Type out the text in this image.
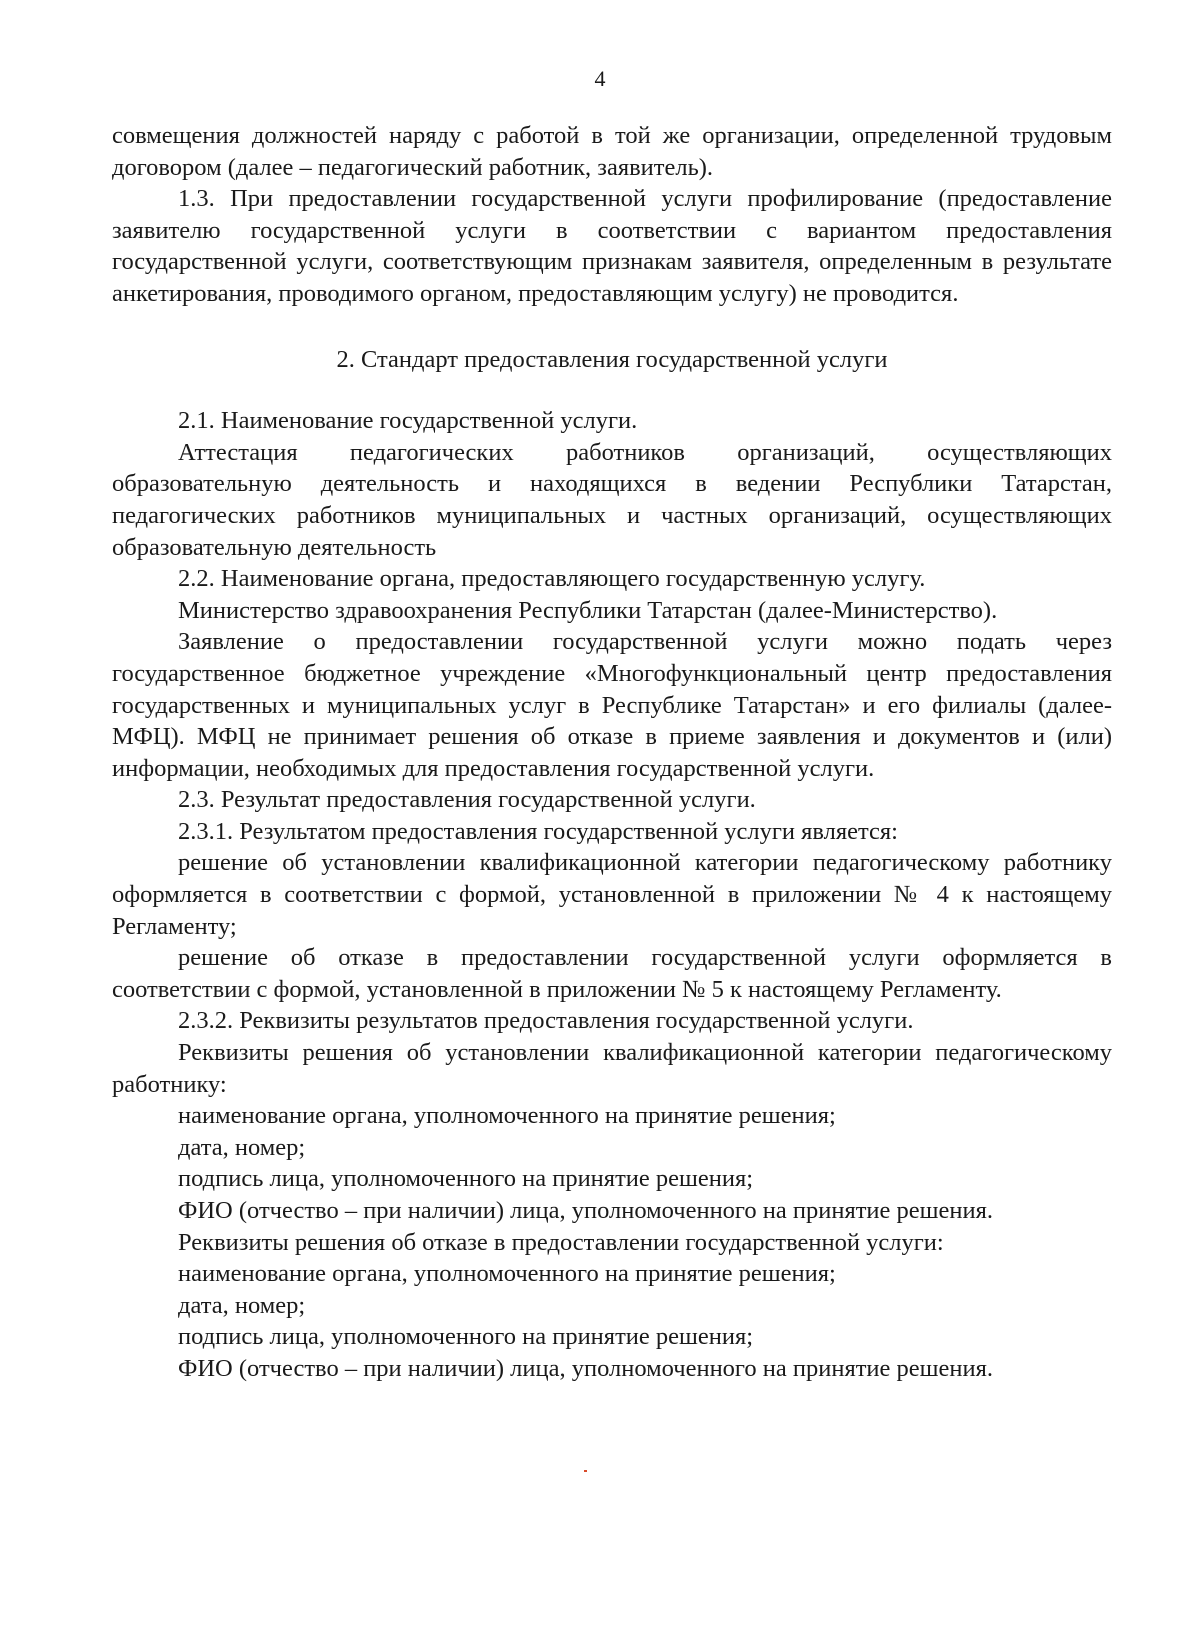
4

совмещения должностей наряду с работой в той же организации, определенной трудовым договором (далее – педагогический работник, заявитель).

1.3. При предоставлении государственной услуги профилирование (предоставление заявителю государственной услуги в соответствии с вариантом предоставления государственной услуги, соответствующим признакам заявителя, определенным в результате анкетирования, проводимого органом, предоставляющим услугу) не проводится.

2. Стандарт предоставления государственной услуги

2.1. Наименование государственной услуги.

Аттестация педагогических работников организаций, осуществляющих образовательную деятельность и находящихся в ведении Республики Татарстан, педагогических работников муниципальных и частных организаций, осуществляющих образовательную деятельность

2.2. Наименование органа, предоставляющего государственную услугу.

Министерство здравоохранения Республики Татарстан (далее-Министерство).

Заявление о предоставлении государственной услуги можно подать через государственное бюджетное учреждение «Многофункциональный центр предоставления государственных и муниципальных услуг в Республике Татарстан» и его филиалы (далее-МФЦ). МФЦ не принимает решения об отказе в приеме заявления и документов и (или) информации, необходимых для предоставления государственной услуги.

2.3. Результат предоставления государственной услуги.

2.3.1. Результатом предоставления государственной услуги является:

решение об установлении квалификационной категории педагогическому работнику оформляется в соответствии с формой, установленной в приложении № 4 к настоящему Регламенту;

решение об отказе в предоставлении государственной услуги оформляется в соответствии с формой, установленной в приложении № 5 к настоящему Регламенту.

2.3.2. Реквизиты результатов предоставления государственной услуги.

Реквизиты решения об установлении квалификационной категории педагогическому работнику:

наименование органа, уполномоченного на принятие решения;

дата, номер;

подпись лица, уполномоченного на принятие решения;

ФИО (отчество – при наличии) лица, уполномоченного на принятие решения.

Реквизиты решения об отказе в предоставлении государственной услуги:

наименование органа, уполномоченного на принятие решения;

дата, номер;

подпись лица, уполномоченного на принятие решения;

ФИО (отчество – при наличии) лица, уполномоченного на принятие решения.
